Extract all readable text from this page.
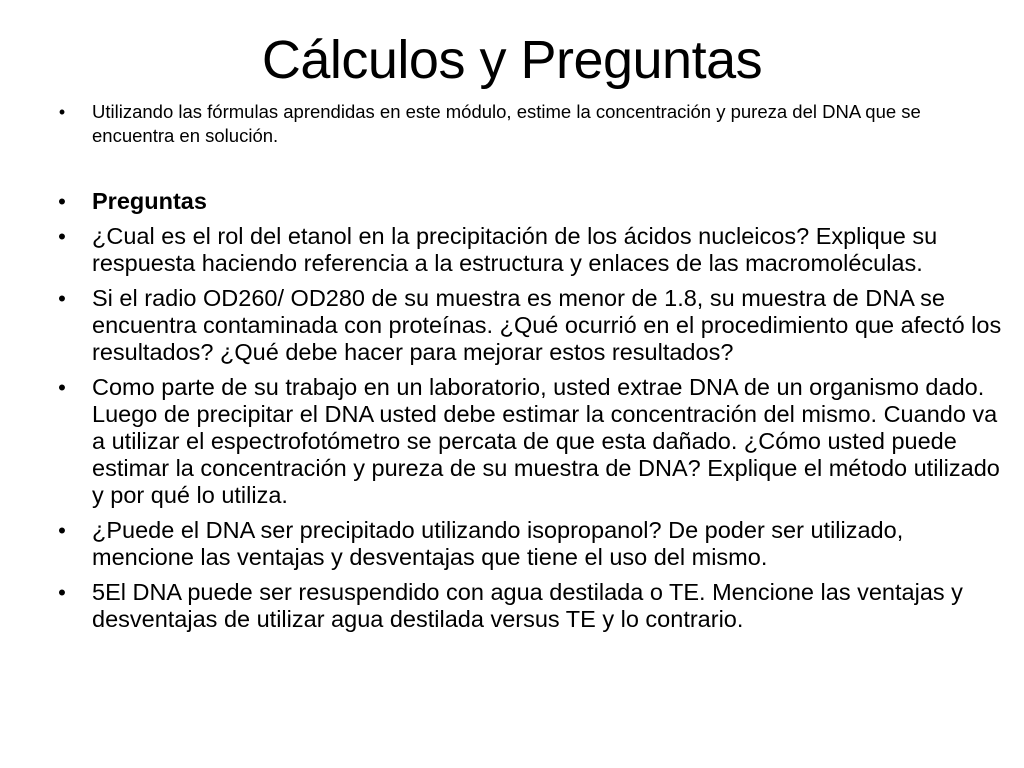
Cálculos y Preguntas
•	Utilizando las fórmulas aprendidas en este módulo, estime la concentración y pureza del DNA que se encuentra en solución.
• Preguntas
• ¿Cual es el rol del etanol en la precipitación de los ácidos nucleicos? Explique su respuesta haciendo referencia a la estructura y enlaces de las macromoléculas.
• Si el radio OD260/ OD280 de su muestra es menor de 1.8, su muestra de DNA se encuentra contaminada con proteínas. ¿Qué ocurrió en el procedimiento que afectó los resultados? ¿Qué debe hacer para mejorar estos resultados?
• Como parte de su trabajo en un laboratorio, usted extrae DNA de un organismo dado. Luego de precipitar el DNA usted debe estimar la concentración del mismo. Cuando va a utilizar el espectrofotómetro se percata de que esta dañado. ¿Cómo usted puede estimar la concentración y pureza de su muestra de DNA? Explique el método utilizado y por qué lo utiliza.
• ¿Puede el DNA ser precipitado utilizando isopropanol? De poder ser utilizado, mencione las ventajas y desventajas que tiene el uso del mismo.
• 5El DNA puede ser resuspendido con agua destilada o TE. Mencione las ventajas y desventajas de utilizar agua destilada versus TE y lo contrario.
